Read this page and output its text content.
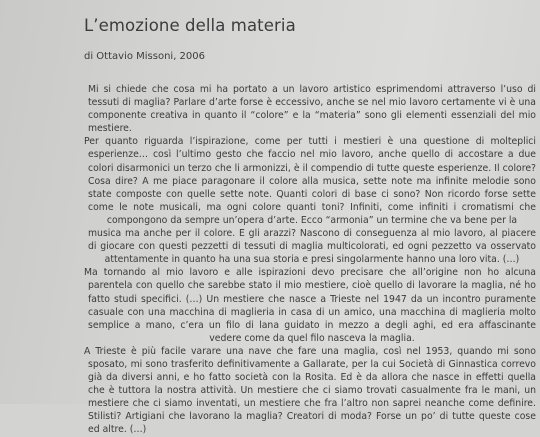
L’emozione della materia
di Ottavio Missoni, 2006
Mi si chiede che cosa mi ha portato a un lavoro artistico esprimendomi attraverso l’uso di
tessuti di maglia? Parlare d’arte forse è eccessivo, anche se nel mio lavoro certamente vi è una
componente creativa in quanto il “colore” e la “materia” sono gli elementi essenziali del mio
mestiere.
Per quanto riguarda l’ispirazione, come per tutti i mestieri è una questione di molteplici
esperienze… così l’ultimo gesto che faccio nel mio lavoro, anche quello di accostare a due
colori disarmonici un terzo che li armonizzi, è il compendio di tutte queste esperienze. Il colore?
Cosa dire? A me piace paragonare il colore alla musica, sette note ma infinite melodie sono
state composte con quelle sette note. Quanti colori di base ci sono? Non ricordo forse sette
come le note musicali, ma ogni colore quanti toni? Infiniti, come infiniti i cromatismi che
compongono da sempre un’opera d’arte. Ecco “armonia” un termine che va bene per la
musica ma anche per il colore. E gli arazzi? Nascono di conseguenza al mio lavoro, al piacere
di giocare con questi pezzetti di tessuti di maglia multicolorati, ed ogni pezzetto va osservato
attentamente in quanto ha una sua storia e presi singolarmente hanno una loro vita. (…)
Ma tornando al mio lavoro e alle ispirazioni devo precisare che all’origine non ho alcuna
parentela con quello che sarebbe stato il mio mestiere, cioè quello di lavorare la maglia, né ho
fatto studi specifici. (…) Un mestiere che nasce a Trieste nel 1947 da un incontro puramente
casuale con una macchina di maglieria in casa di un amico, una macchina di maglieria molto
semplice a mano, c’era un filo di lana guidato in mezzo a degli aghi, ed era affascinante
vedere come da quel filo nasceva la maglia.
A Trieste è più facile varare una nave che fare una maglia, così nel 1953, quando mi sono
sposato, mi sono trasferito definitivamente a Gallarate, per la cui Società di Ginnastica correvo
già da diversi anni, e ho fatto società con la Rosita. Ed è da allora che nasce in effetti quella
che è tuttora la nostra attività. Un mestiere che ci siamo trovati casualmente fra le mani, un
mestiere che ci siamo inventati, un mestiere che fra l’altro non saprei neanche come definire.
Stilisti? Artigiani che lavorano la maglia? Creatori di moda? Forse un po’ di tutte queste cose
ed altre. (…)
